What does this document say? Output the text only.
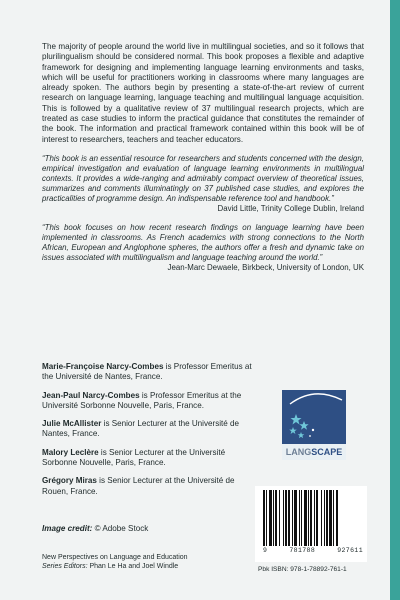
The majority of people around the world live in multilingual societies, and so it follows that plurilingualism should be considered normal. This book proposes a flexible and adaptive framework for designing and implementing language learning environments and tasks, which will be useful for practitioners working in classrooms where many languages are already spoken. The authors begin by presenting a state-of-the-art review of current research on language learning, language teaching and multilingual language acquisition. This is followed by a qualitative review of 37 multilingual research projects, which are treated as case studies to inform the practical guidance that constitutes the remainder of the book. The information and practical framework contained within this book will be of interest to researchers, teachers and teacher educators.

“This book is an essential resource for researchers and students concerned with the design, empirical investigation and evaluation of language learning environments in multilingual contexts. It provides a wide-ranging and admirably compact overview of theoretical issues, summarizes and comments illuminatingly on 37 published case studies, and explores the practicalities of programme design. An indispensable reference tool and handbook.”

David Little, Trinity College Dublin, Ireland

“This book focuses on how recent research findings on language learning have been implemented in classrooms. As French academics with strong connections to the North African, European and Anglophone spheres, the authors offer a fresh and dynamic take on issues associated with multilingualism and language teaching around the world.”

Jean-Marc Dewaele, Birkbeck, University of London, UK

Marie-Françoise Narcy-Combes is Professor Emeritus at the Université de Nantes, France.

Jean-Paul Narcy-Combes is Professor Emeritus at the Université Sorbonne Nouvelle, Paris, France.

Julie McAllister is Senior Lecturer at the Université de Nantes, France.

Malory Leclère is Senior Lecturer at the Université Sorbonne Nouvelle, Paris, France.

Grégory Miras is Senior Lecturer at the Université de Rouen, France.

Image credit: © Adobe Stock
New Perspectives on Language and Education
Series Editors: Phan Le Ha and Joel Windle
LANGSCAPE
9	781788	927611
Pbk ISBN: 978-1-78892-761-1
